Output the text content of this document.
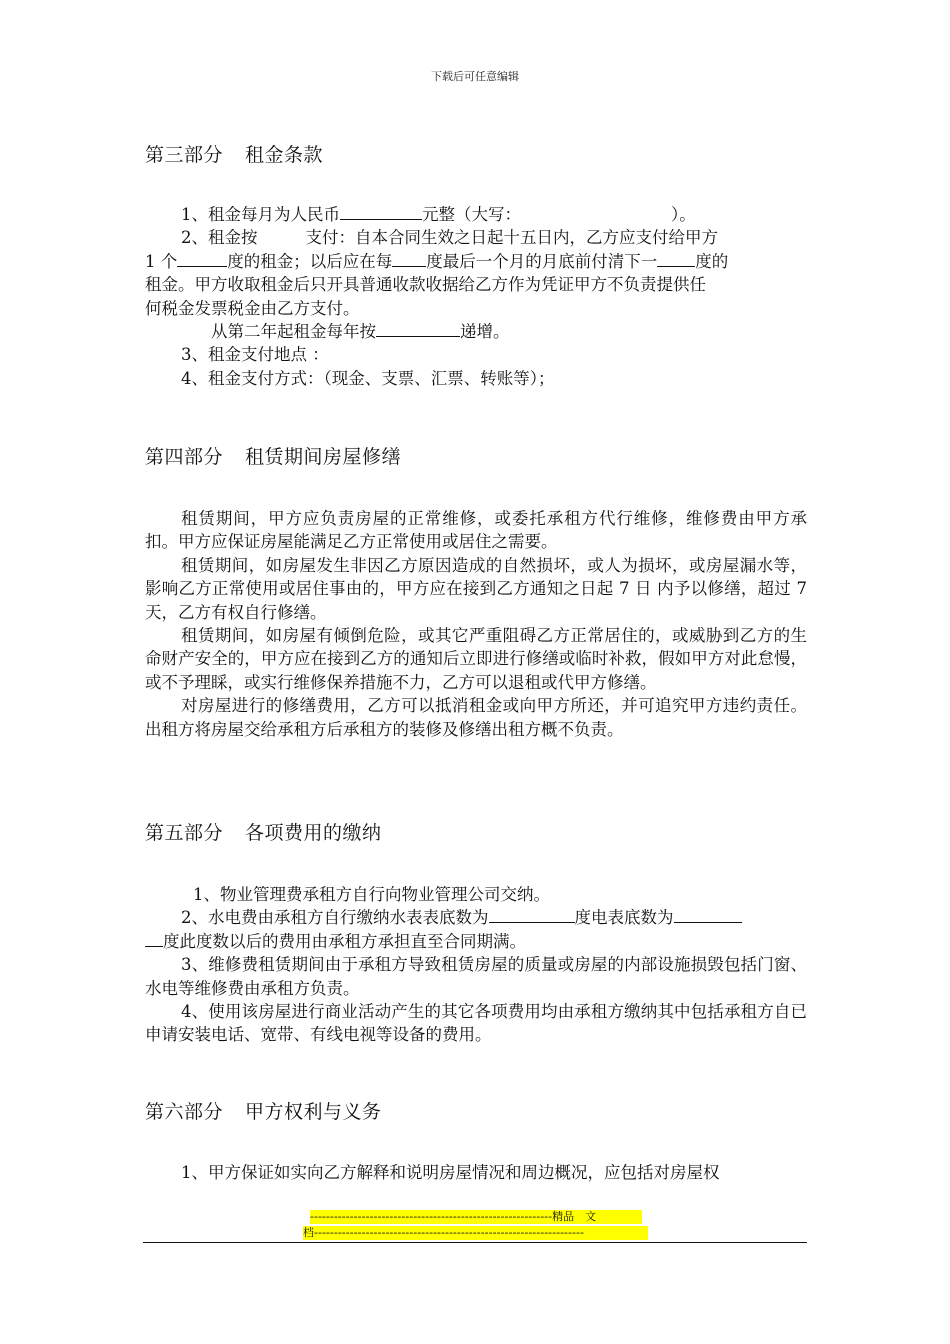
下载后可任意编辑
第三部分 租金条款
1、租金每月为人民币	元整（大写：	）。
2、租金按	支付：自本合同生效之日起十五日内，乙方应支付给甲方
1 个	度的租金；以后应在每 度最后一个月的月底前付清下一 度的
租金。甲方收取租金后只开具普通收款收据给乙方作为凭证甲方不负责提供任
何税金发票税金由乙方支付。
从第二年起租金每年按	递增。
3、租金支付地点 ：
4、租金支付方式：（现金、支票、汇票、转账等）；
第四部分 租赁期间房屋修缮
租赁期间，甲方应负责房屋的正常维修，或委托承租方代行维修，维修费由甲方承扣。甲方应保证房屋能满足乙方正常使用或居住之需要。
租赁期间，如房屋发生非因乙方原因造成的自然损坏，或人为损坏，或房屋漏水等，影响乙方正常使用或居住事由的，甲方应在接到乙方通知之日起 7 日 内予以修缮，超过 7 天，乙方有权自行修缮。
租赁期间，如房屋有倾倒危险，或其它严重阻碍乙方正常居住的，或威胁到乙方的生命财产安全的，甲方应在接到乙方的通知后立即进行修缮或临时补救，假如甲方对此怠慢，或不予理睬，或实行维修保养措施不力，乙方可以退租或代甲方修缮。
对房屋进行的修缮费用，乙方可以抵消租金或向甲方所还，并可追究甲方违约责任。出租方将房屋交给承租方后承租方的装修及修缮出租方概不负责。
第五部分 各项费用的缴纳
1、物业管理费承租方自行向物业管理公司交纳。
2、水电费由承租方自行缴纳水表表底数为	度电表底数为
度此度数以后的费用由承租方承担直至合同期满。
3、维修费租赁期间由于承租方导致租赁房屋的质量或房屋的内部设施损毁包括门窗、水电等维修费由承租方负责。
4、使用该房屋进行商业活动产生的其它各项费用均由承租方缴纳其中包括承租方自已申请安装电话、宽带、有线电视等设备的费用。
第六部分 甲方权利与义务
1、甲方保证如实向乙方解释和说明房屋情况和周边概况，应包括对房屋权
-------------------------------------------------------------精品　文
档--------------------------------------------------------------------
